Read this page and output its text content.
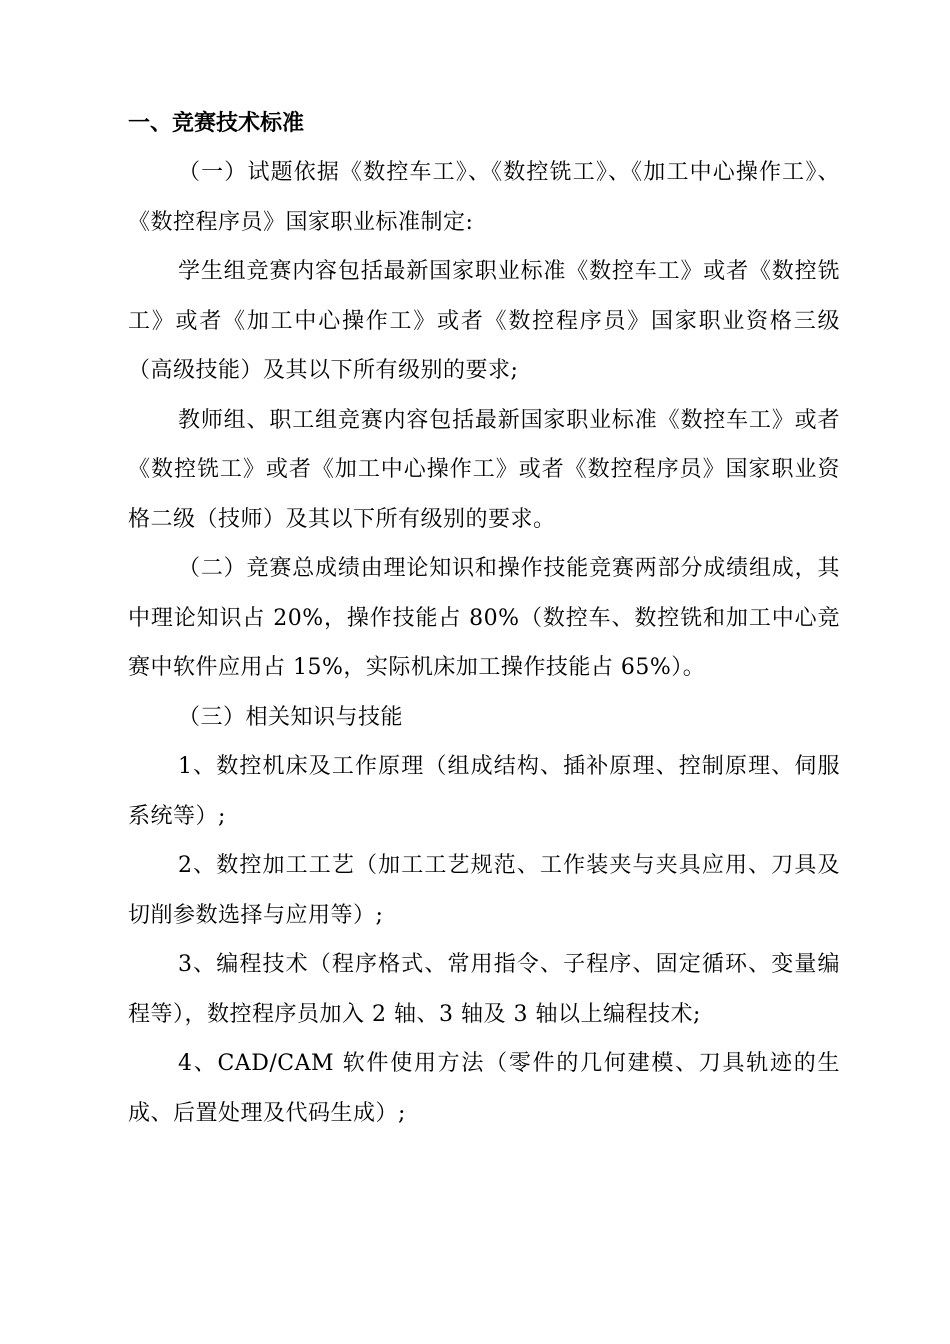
一、竞赛技术标准

（一）试题依据《数控车工》、《数控铣工》、《加工中心操作工》、《数控程序员》国家职业标准制定:

学生组竞赛内容包括最新国家职业标准《数控车工》或者《数控铣工》或者《加工中心操作工》或者《数控程序员》国家职业资格三级（高级技能）及其以下所有级别的要求;

教师组、职工组竞赛内容包括最新国家职业标准《数控车工》或者《数控铣工》或者《加工中心操作工》或者《数控程序员》国家职业资格二级（技师）及其以下所有级别的要求。

（二）竞赛总成绩由理论知识和操作技能竞赛两部分成绩组成，其中理论知识占 20%，操作技能占 80%（数控车、数控铣和加工中心竞赛中软件应用占 15%，实际机床加工操作技能占 65%）。

（三）相关知识与技能

1、数控机床及工作原理（组成结构、插补原理、控制原理、伺服系统等）;

2、数控加工工艺（加工工艺规范、工作装夹与夹具应用、刀具及切削参数选择与应用等）;

3、编程技术（程序格式、常用指令、子程序、固定循环、变量编程等），数控程序员加入 2 轴、3 轴及 3 轴以上编程技术;

4、CAD/CAM 软件使用方法（零件的几何建模、刀具轨迹的生成、后置处理及代码生成）;
